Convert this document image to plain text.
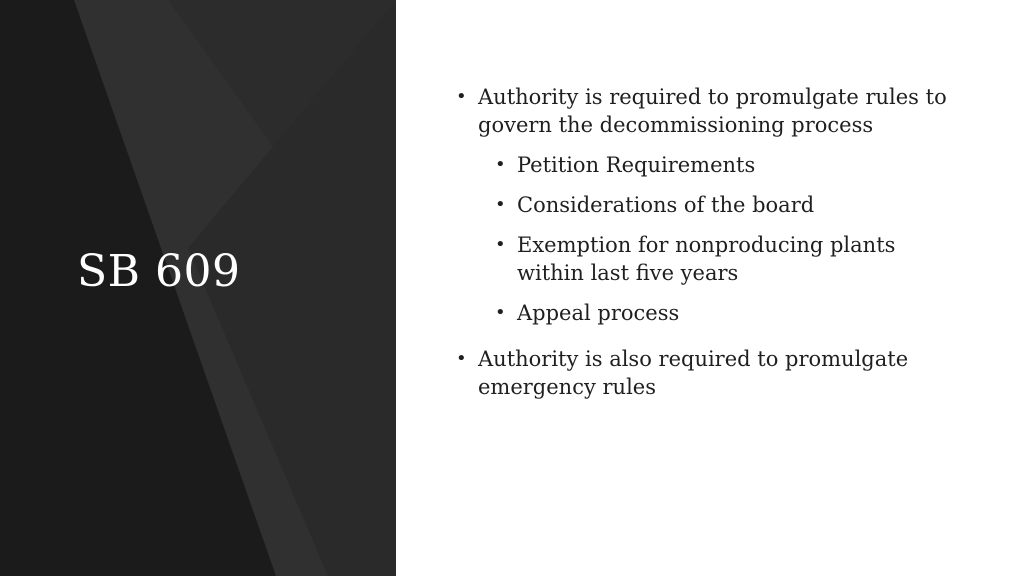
SB 609
• Authority is required to promulgate rules to govern the decommissioning process
• Petition Requirements
• Considerations of the board
• Exemption for nonproducing plants within last five years
• Appeal process
• Authority is also required to promulgate emergency rules
